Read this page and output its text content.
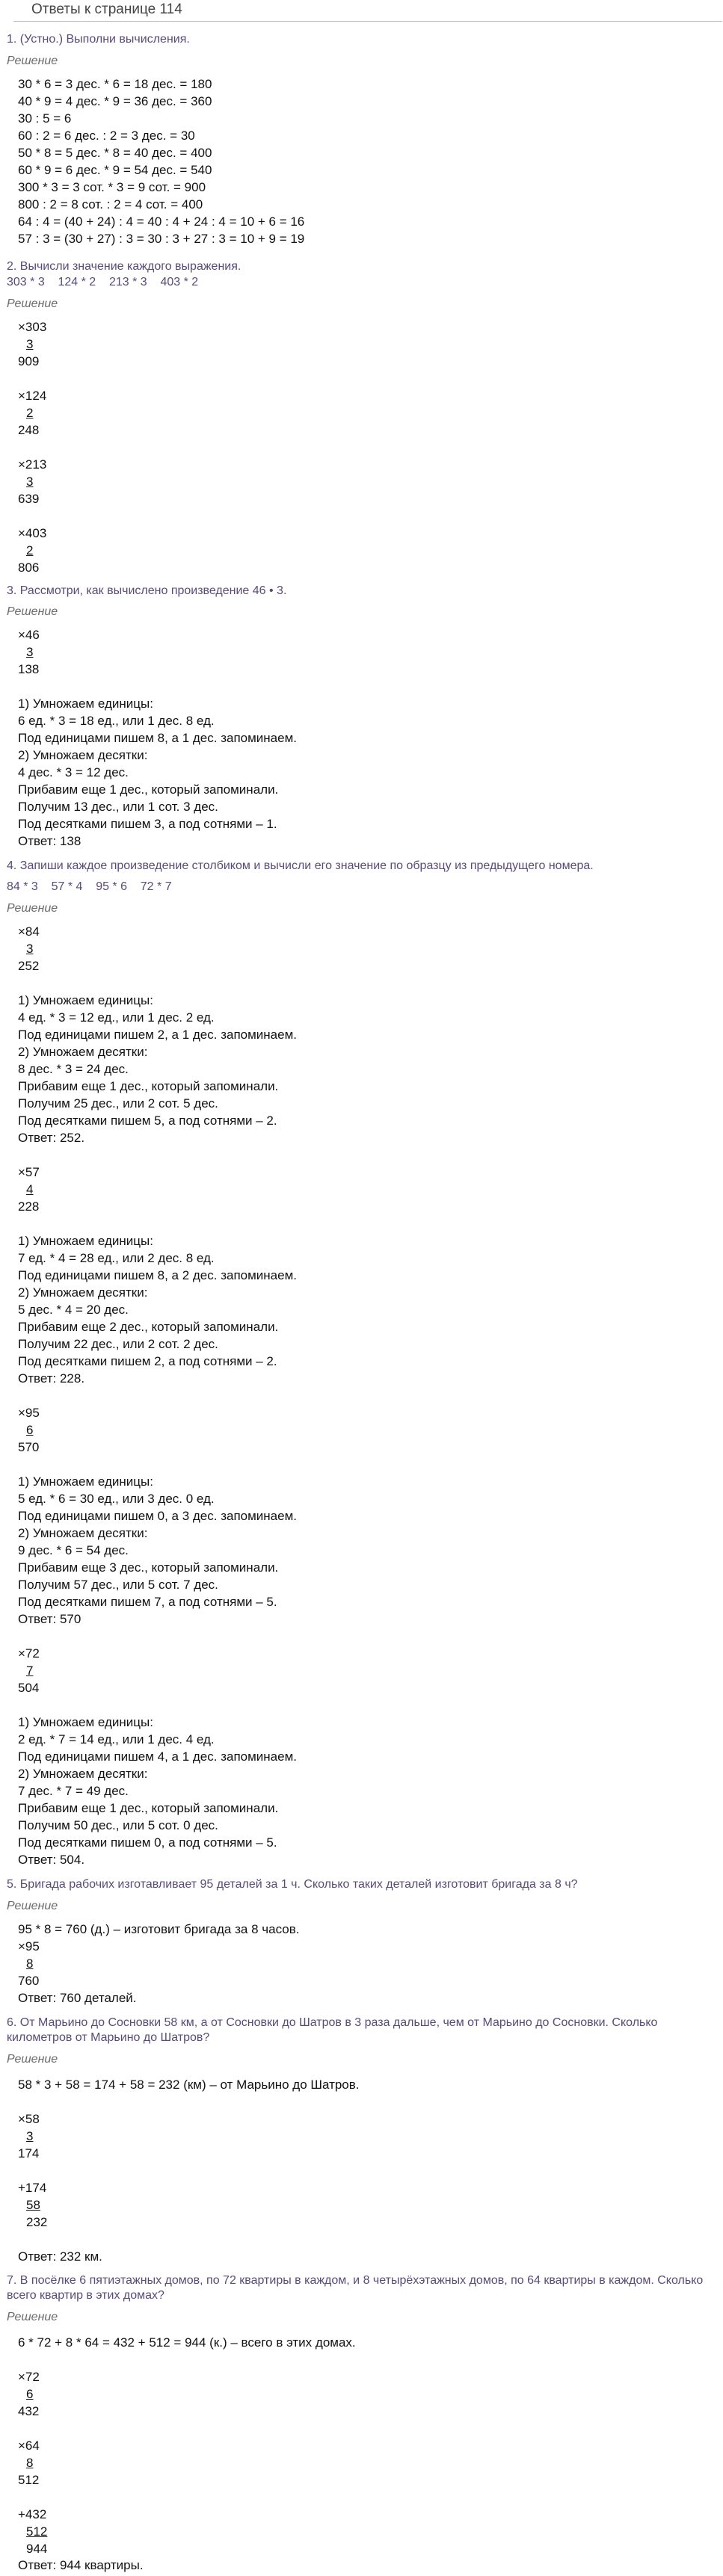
Ответы к странице 114
1. (Устно.) Выполни вычисления.
Решение
30 * 6 = 3 дес. * 6 = 18 дес. = 180
40 * 9 = 4 дес. * 9 = 36 дес. = 360
30 : 5 = 6
60 : 2 = 6 дес. : 2 = 3 дес. = 30
50 * 8 = 5 дес. * 8 = 40 дес. = 400
60 * 9 = 6 дес. * 9 = 54 дес. = 540
300 * 3 = 3 сот. * 3 = 9 сот. = 900
800 : 2 = 8 сот. : 2 = 4 сот. = 400
64 : 4 = (40 + 24) : 4 = 40 : 4 + 24 : 4 = 10 + 6 = 16
57 : 3 = (30 + 27) : 3 = 30 : 3 + 27 : 3 = 10 + 9 = 19
2. Вычисли значение каждого выражения.
303 * 3    124 * 2    213 * 3    403 * 2
Решение
×303
3
909
×124
2
248
×213
3
639
×403
2
806
3. Рассмотри, как вычислено произведение 46 • 3.
Решение
×46
3
138
1) Умножаем единицы:
6 ед. * 3 = 18 ед., или 1 дес. 8 ед.
Под единицами пишем 8, а 1 дес. запоминаем.
2) Умножаем десятки:
4 дес. * 3 = 12 дес.
Прибавим еще 1 дес., который запоминали.
Получим 13 дес., или 1 сот. 3 дес.
Под десятками пишем 3, а под сотнями – 1.
Ответ: 138
4. Запиши каждое произведение столбиком и вычисли его значение по образцу из предыдущего номера.
84 * 3    57 * 4    95 * 6    72 * 7
Решение
×84
3
252
1) Умножаем единицы:
4 ед. * 3 = 12 ед., или 1 дес. 2 ед.
Под единицами пишем 2, а 1 дес. запоминаем.
2) Умножаем десятки:
8 дес. * 3 = 24 дес.
Прибавим еще 1 дес., который запоминали.
Получим 25 дес., или 2 сот. 5 дес.
Под десятками пишем 5, а под сотнями – 2.
Ответ: 252.
×57
4
228
1) Умножаем единицы:
7 ед. * 4 = 28 ед., или 2 дес. 8 ед.
Под единицами пишем 8, а 2 дес. запоминаем.
2) Умножаем десятки:
5 дес. * 4 = 20 дес.
Прибавим еще 2 дес., который запоминали.
Получим 22 дес., или 2 сот. 2 дес.
Под десятками пишем 2, а под сотнями – 2.
Ответ: 228.
×95
6
570
1) Умножаем единицы:
5 ед. * 6 = 30 ед., или 3 дес. 0 ед.
Под единицами пишем 0, а 3 дес. запоминаем.
2) Умножаем десятки:
9 дес. * 6 = 54 дес.
Прибавим еще 3 дес., который запоминали.
Получим 57 дес., или 5 сот. 7 дес.
Под десятками пишем 7, а под сотнями – 5.
Ответ: 570
×72
7
504
1) Умножаем единицы:
2 ед. * 7 = 14 ед., или 1 дес. 4 ед.
Под единицами пишем 4, а 1 дес. запоминаем.
2) Умножаем десятки:
7 дес. * 7 = 49 дес.
Прибавим еще 1 дес., который запоминали.
Получим 50 дес., или 5 сот. 0 дес.
Под десятками пишем 0, а под сотнями – 5.
Ответ: 504.
5. Бригада рабочих изготавливает 95 деталей за 1 ч. Сколько таких деталей изготовит бригада за 8 ч?
Решение
95 * 8 = 760 (д.) – изготовит бригада за 8 часов.
×95
8
760
Ответ: 760 деталей.
6. От Марьино до Сосновки 58 км, а от Сосновки до Шатров в 3 раза дальше, чем от Марьино до Сосновки. Сколько
километров от Марьино до Шатров?
Решение
58 * 3 + 58 = 174 + 58 = 232 (км) – от Марьино до Шатров.
×58
3
174
+174
58
232
Ответ: 232 км.
7. В посёлке 6 пятиэтажных домов, по 72 квартиры в каждом, и 8 четырёхэтажных домов, по 64 квартиры в каждом. Сколько
всего квартир в этих домах?
Решение
6 * 72 + 8 * 64 = 432 + 512 = 944 (к.) – всего в этих домах.
×72
6
432
×64
8
512
+432
512
944
Ответ: 944 квартиры.
